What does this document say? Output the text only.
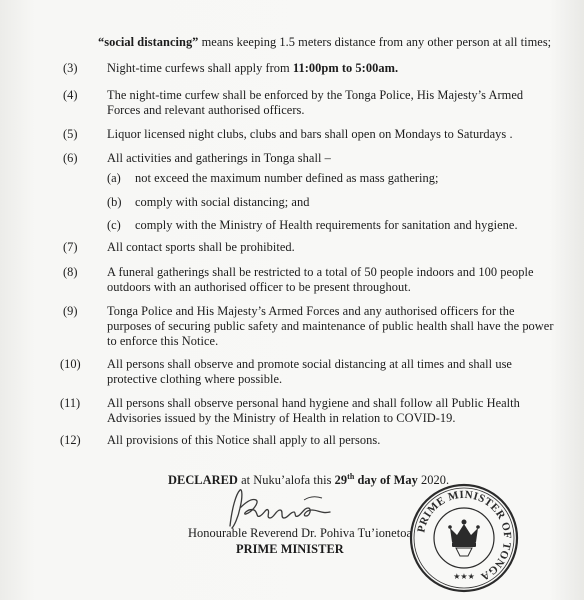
“social distancing” means keeping 1.5 meters distance from any other person at all times;
(3) Night-time curfews shall apply from 11:00pm to 5:00am.
(4) The night-time curfew shall be enforced by the Tonga Police, His Majesty’s Armed
Forces and relevant authorised officers.
(5) Liquor licensed night clubs, clubs and bars shall open on Mondays to Saturdays .
(6) All activities and gatherings in Tonga shall –
(a) not exceed the maximum number defined as mass gathering;
(b) comply with social distancing; and
(c) comply with the Ministry of Health requirements for sanitation and hygiene.
(7) All contact sports shall be prohibited.
(8) A funeral gatherings shall be restricted to a total of 50 people indoors and 100 people
outdoors with an authorised officer to be present throughout.
(9) Tonga Police and His Majesty’s Armed Forces and any authorised officers for the
purposes of securing public safety and maintenance of public health shall have the power
to enforce this Notice.
(10) All persons shall observe and promote social distancing at all times and shall use
protective clothing where possible.
(11) All persons shall observe personal hand hygiene and shall follow all Public Health
Advisories issued by the Ministry of Health in relation to COVID-19.
(12) All provisions of this Notice shall apply to all persons.
DECLARED at Nuku’alofa this 29th day of May 2020.
Honourable Reverend Dr. Pohiva Tu’ionetoa
PRIME MINISTER
PRIME MINISTER OF TONGA
★★★
